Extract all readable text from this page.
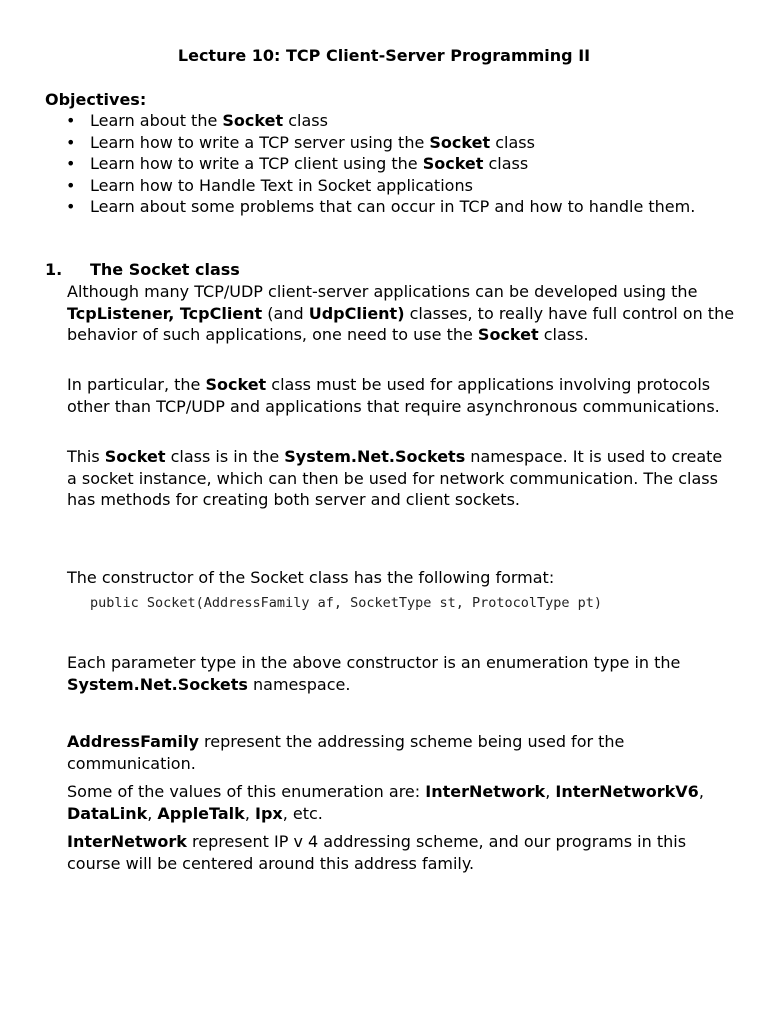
Lecture 10: TCP Client-Server Programming II
Objectives:
• Learn about the Socket class
• Learn how to write a TCP server using the Socket class
• Learn how to write a TCP client using the Socket class
• Learn how to Handle Text in Socket applications
• Learn about some problems that can occur in TCP and how to handle them.
1. The Socket class

Although many TCP/UDP client-server applications can be developed using the TcpListener, TcpClient (and UdpClient) classes, to really have full control on the behavior of such applications, one need to use the Socket class.

In particular, the Socket class must be used for applications involving protocols other than TCP/UDP and applications that require asynchronous communications.

This Socket class is in the System.Net.Sockets namespace. It is used to create a socket instance, which can then be used for network communication. The class has methods for creating both server and client sockets.

The constructor of the Socket class has the following format:

public Socket(AddressFamily af, SocketType st, ProtocolType pt)

Each parameter type in the above constructor is an enumeration type in the System.Net.Sockets namespace.

AddressFamily represent the addressing scheme being used for the communication.

Some of the values of this enumeration are: InterNetwork, InterNetworkV6, DataLink, AppleTalk, Ipx, etc.

InterNetwork represent IP v 4 addressing scheme, and our programs in this course will be centered around this address family.
